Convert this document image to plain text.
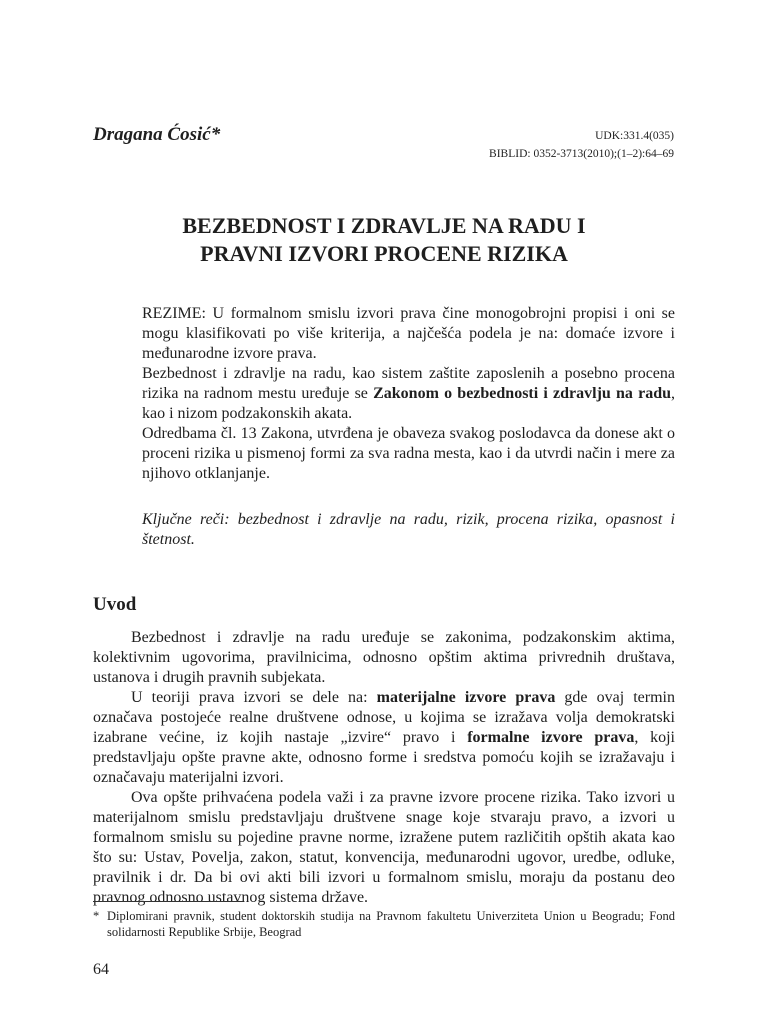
Dragana Ćosić*	UDK:331.4(035)
BIBLID: 0352-3713(2010);(1–2):64–69
BEZBEDNOST I ZDRAVLJE NA RADU I
PRAVNI IZVORI PROCENE RIZIKA

REZIME: U formalnom smislu izvori prava čine monogobrojni propisi i oni se mogu klasifikovati po više kriterija, a najčešća podela je na: domaće izvore i međunarodne izvore prava.

Bezbednost i zdravlje na radu, kao sistem zaštite zaposlenih a posebno procena rizika na radnom mestu uređuje se Zakonom o bezbednosti i zdravlju na radu, kao i nizom podzakonskih akata.

Odredbama čl. 13 Zakona, utvrđena je obaveza svakog poslodavca da donese akt o proceni rizika u pismenoj formi za sva radna mesta, kao i da utvrdi način i mere za njihovo otklanjanje.

Ključne reči: bezbednost i zdravlje na radu, rizik, procena rizika, opasnost i štetnost.
Uvod

Bezbednost i zdravlje na radu uređuje se zakonima, podzakonskim aktima, kolektivnim ugovorima, pravilnicima, odnosno opštim aktima privrednih društava, ustanova i drugih pravnih subjekata.

U teoriji prava izvori se dele na: materijalne izvore prava gde ovaj termin označava postojeće realne društvene odnose, u kojima se izražava volja demokratski izabrane većine, iz kojih nastaje „izvire“ pravo i formalne izvore prava, koji predstavljaju opšte pravne akte, odnosno forme i sredstva pomoću kojih se izražavaju i označavaju materijalni izvori.

Ova opšte prihvaćena podela važi i za pravne izvore procene rizika. Tako izvori u materijalnom smislu predstavljaju društvene snage koje stvaraju pravo, a izvori u formalnom smislu su pojedine pravne norme, izražene putem različitih opštih akata kao što su: Ustav, Povelja, zakon, statut, konvencija, međunarodni ugovor, uredbe, odluke, pravilnik i dr. Da bi ovi akti bili izvori u formalnom smislu, moraju da postanu deo pravnog odnosno ustavnog sistema države.

* Diplomirani pravnik, student doktorskih studija na Pravnom fakultetu Univerziteta Union u Beogradu; Fond solidarnosti Republike Srbije, Beograd
64
